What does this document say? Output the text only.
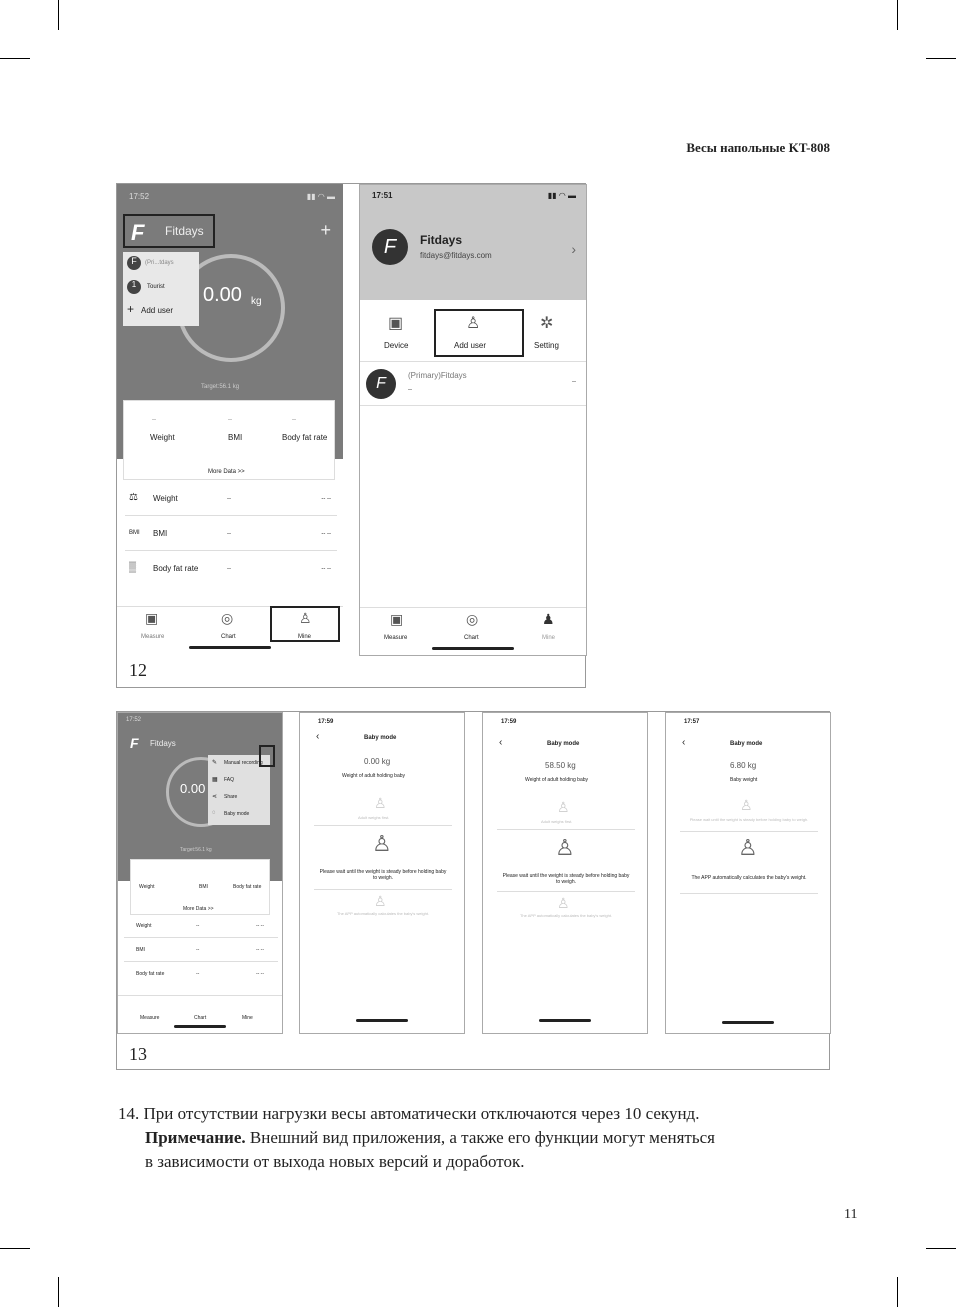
Весы напольные KT-808
12
17:52	▮▮ ◠ ▬
F Fitdays	+
0.00 kg
F	(Pri...tdays
1	Tourist
+ Add user
Target:56.1 kg
--	--	--
Weight	BMI	Body fat rate
More Data >>
⚖ Weight	--	-- --
BMI BMI	--	-- --
▒ Body fat rate	--	-- --
▣
Measure
◎
Chart
♙
Mine
17:51	▮▮ ◠ ▬
F	Fitdays
fitdays@fitdays.com	›
▣
Device
♙
Add user
✲
Setting
F	(Primary)Fitdays
--
--
▣
Measure
◎
Chart
♟
Mine
13
17:52
F Fitdays
0.00
✎ Manual recording
▦ FAQ
⋖ Share
◌ Baby mode
Target:56.1 kg
Weight	BMI	Body fat rate
More Data >>
Weight	--	-- --
BMI	--	-- --
Body fat rate	--	-- --
Measure	Chart	Mine
17:59
‹	Baby mode
0.00 kg
Weight of adult holding baby
♙
Adult weighs first.
♙
Please wait until the weight is steady before holding baby to weigh.
♙
The APP automatically calculates the baby's weight.
17:59
‹	Baby mode
58.50 kg
Weight of adult holding baby
♙
Adult weighs first.
♙
Please wait until the weight is steady before holding baby to weigh.
♙
The APP automatically calculates the baby's weight.
17:57
‹	Baby mode
6.80 kg
Baby weight
♙
Please wait until the weight is steady before holding baby to weigh.
♙
The APP automatically calculates the baby's weight.
14. При отсутствии нагрузки весы автоматически отключаются через 10 секунд.
Примечание. Внешний вид приложения, а также его функции могут меняться
в зависимости от выхода новых версий и доработок.
11
